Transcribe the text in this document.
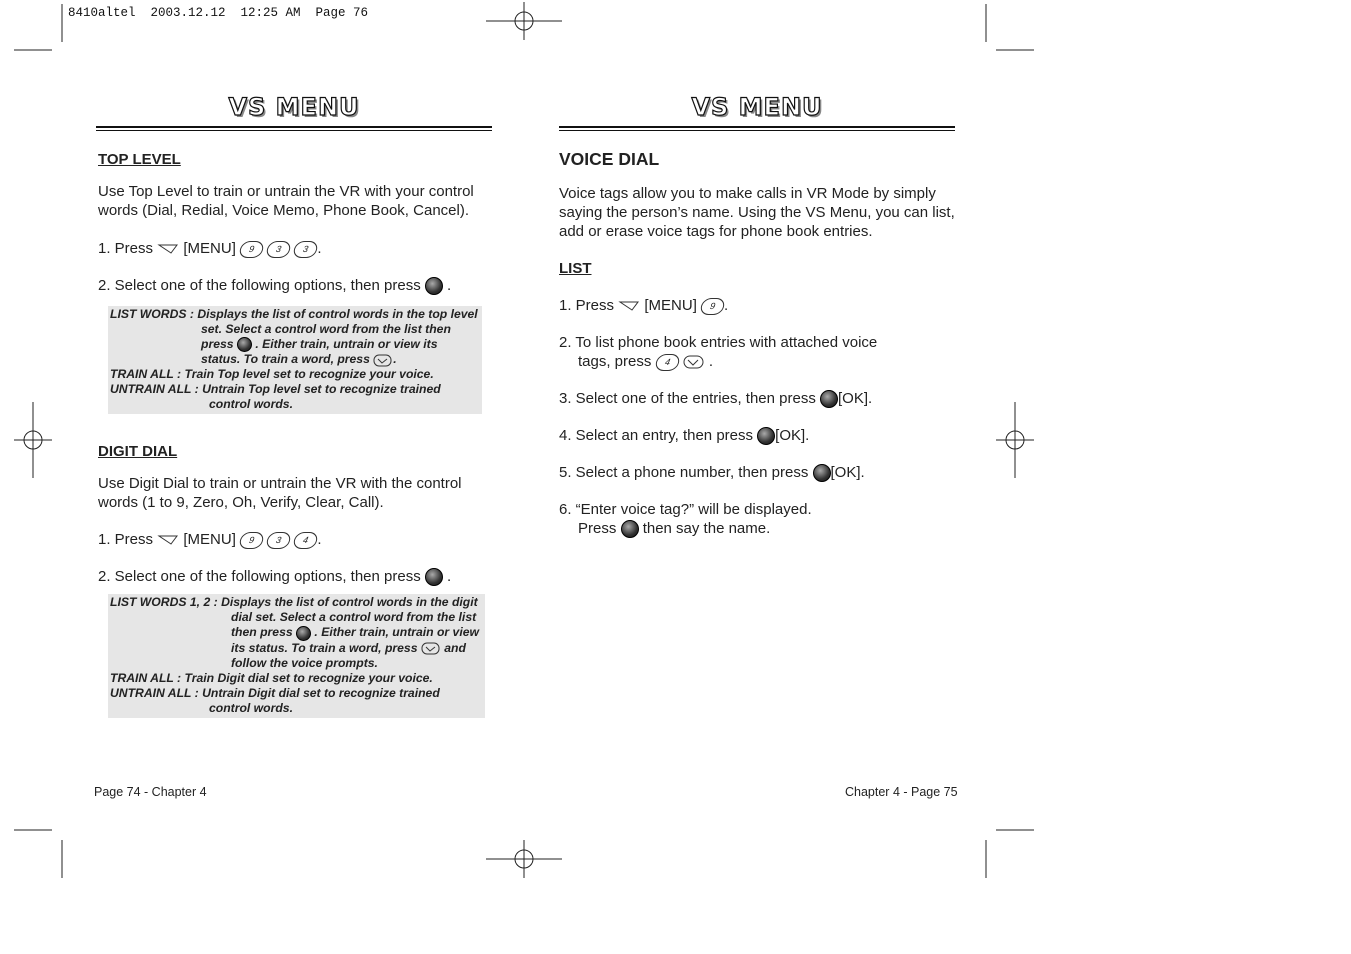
8410altel  2003.12.12  12:25 AM  Page 76
VS MENU
TOP LEVEL

Use Top Level to train or untrain the VR with your control words (Dial, Redial, Voice Memo, Phone Book, Cancel).

1. Press [MENU] 9 3 3 .

2. Select one of the following options, then press  .

LIST WORDS : Displays the list of control words in the top level set. Select a control word from the list then press . Either train, untrain or view its status. To train a word, press .
TRAIN ALL : Train Top level set to recognize your voice.
UNTRAIN ALL : Untrain Top level set to recognize trained control words.
DIGIT DIAL

Use Digit Dial to train or untrain the VR with the control words (1 to 9, Zero, Oh, Verify, Clear, Call).

1. Press [MENU] 9 3 4 .

2. Select one of the following options, then press  .

LIST WORDS 1, 2 : Displays the list of control words in the digit dial set. Select a control word from the list then press . Either train, untrain or view its status. To train a word, press and follow the voice prompts.
TRAIN ALL : Train Digit dial set to recognize your voice.
UNTRAIN ALL : Untrain Digit dial set to recognize trained control words.
Page 74 - Chapter 4
VS MENU
VOICE DIAL

Voice tags allow you to make calls in VR Mode by simply saying the person’s name. Using the VS Menu, you can list, add or erase voice tags for phone book entries.

LIST

1. Press [MENU] 9 .

2. To list phone book entries with attached voice
tags, press 4  .

3. Select one of the entries, then press [OK].

4. Select an entry, then press [OK].

5. Select a phone number, then press [OK].

6. “Enter voice tag?” will be displayed.
Press then say the name.

Chapter 4 - Page 75
